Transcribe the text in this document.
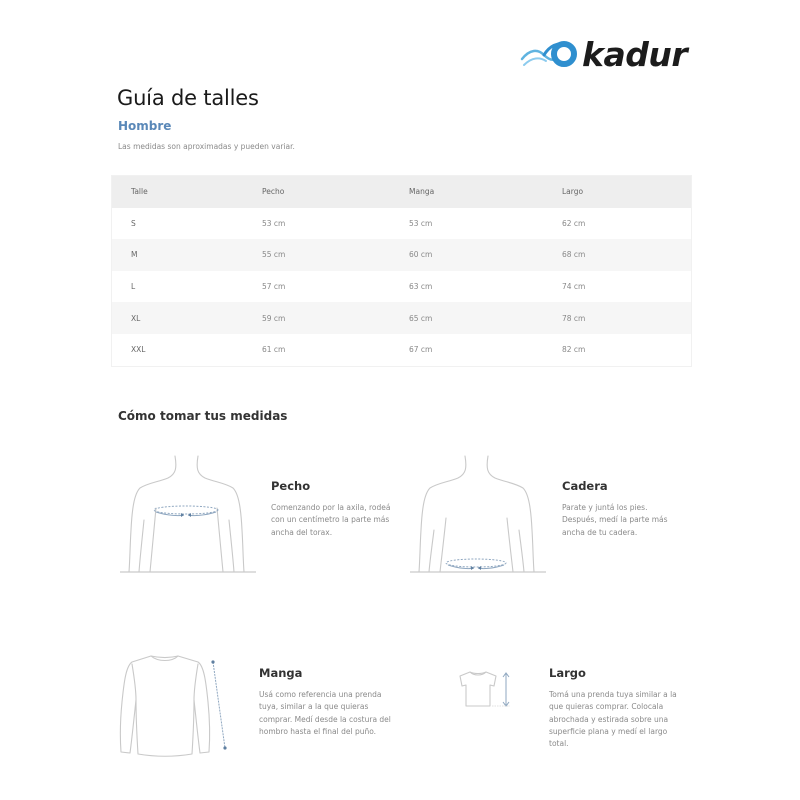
kadur
Guía de talles
Hombre
Las medidas son aproximadas y pueden variar.
Talle	Pecho	Manga	Largo
S	53 cm	53 cm	62 cm
M	55 cm	60 cm	68 cm
L	57 cm	63 cm	74 cm
XL	59 cm	65 cm	78 cm
XXL	61 cm	67 cm	82 cm
Cómo tomar tus medidas
Pecho
Comenzando por la axila, rodeá con un centímetro la parte más ancha del torax.
Cadera
Parate y juntá los pies. Después, medí la parte más ancha de tu cadera.
Manga
Usá como referencia una prenda tuya, similar a la que quieras comprar. Medí desde la costura del hombro hasta el final del puño.
Largo
Tomá una prenda tuya similar a la que quieras comprar. Colocala abrochada y estirada sobre una superficie plana y medí el largo total.
